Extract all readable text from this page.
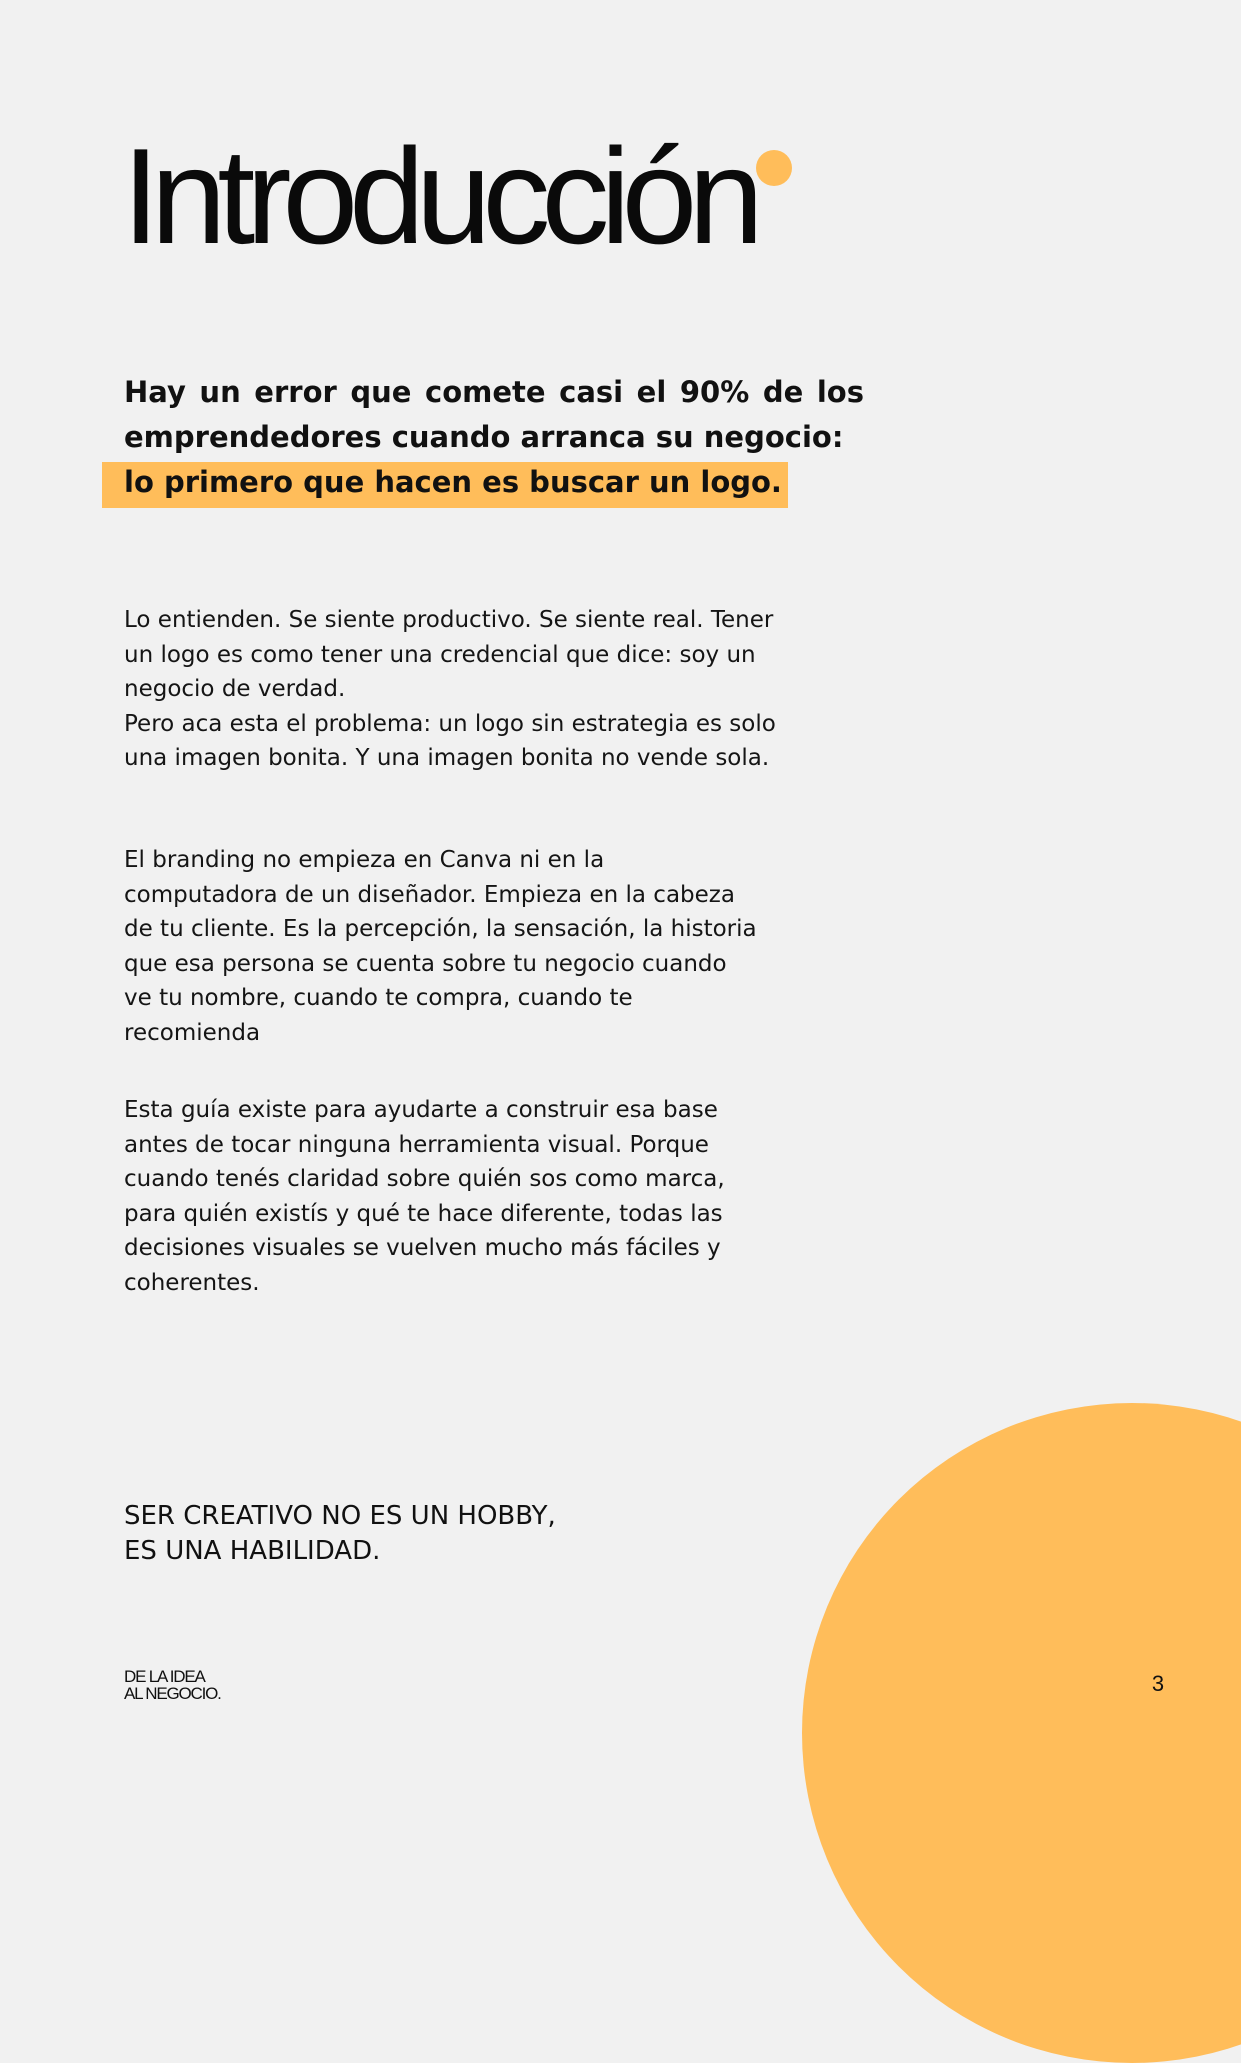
Introducción

Hay un error que comete casi el 90% de los
emprendedores cuando arranca su negocio:
lo primero que hacen es buscar un logo.

Lo entienden. Se siente productivo. Se siente real. Tener
un logo es como tener una credencial que dice: soy un
negocio de verdad.
Pero aca esta el problema: un logo sin estrategia es solo
una imagen bonita. Y una imagen bonita no vende sola.

El branding no empieza en Canva ni en la
computadora de un diseñador. Empieza en la cabeza
de tu cliente. Es la percepción, la sensación, la historia
que esa persona se cuenta sobre tu negocio cuando
ve tu nombre, cuando te compra, cuando te
recomienda

Esta guía existe para ayudarte a construir esa base
antes de tocar ninguna herramienta visual. Porque
cuando tenés claridad sobre quién sos como marca,
para quién existís y qué te hace diferente, todas las
decisiones visuales se vuelven mucho más fáciles y
coherentes.

SER CREATIVO NO ES UN HOBBY,
ES UNA HABILIDAD.

DE LA IDEA
AL NEGOCIO.	3
